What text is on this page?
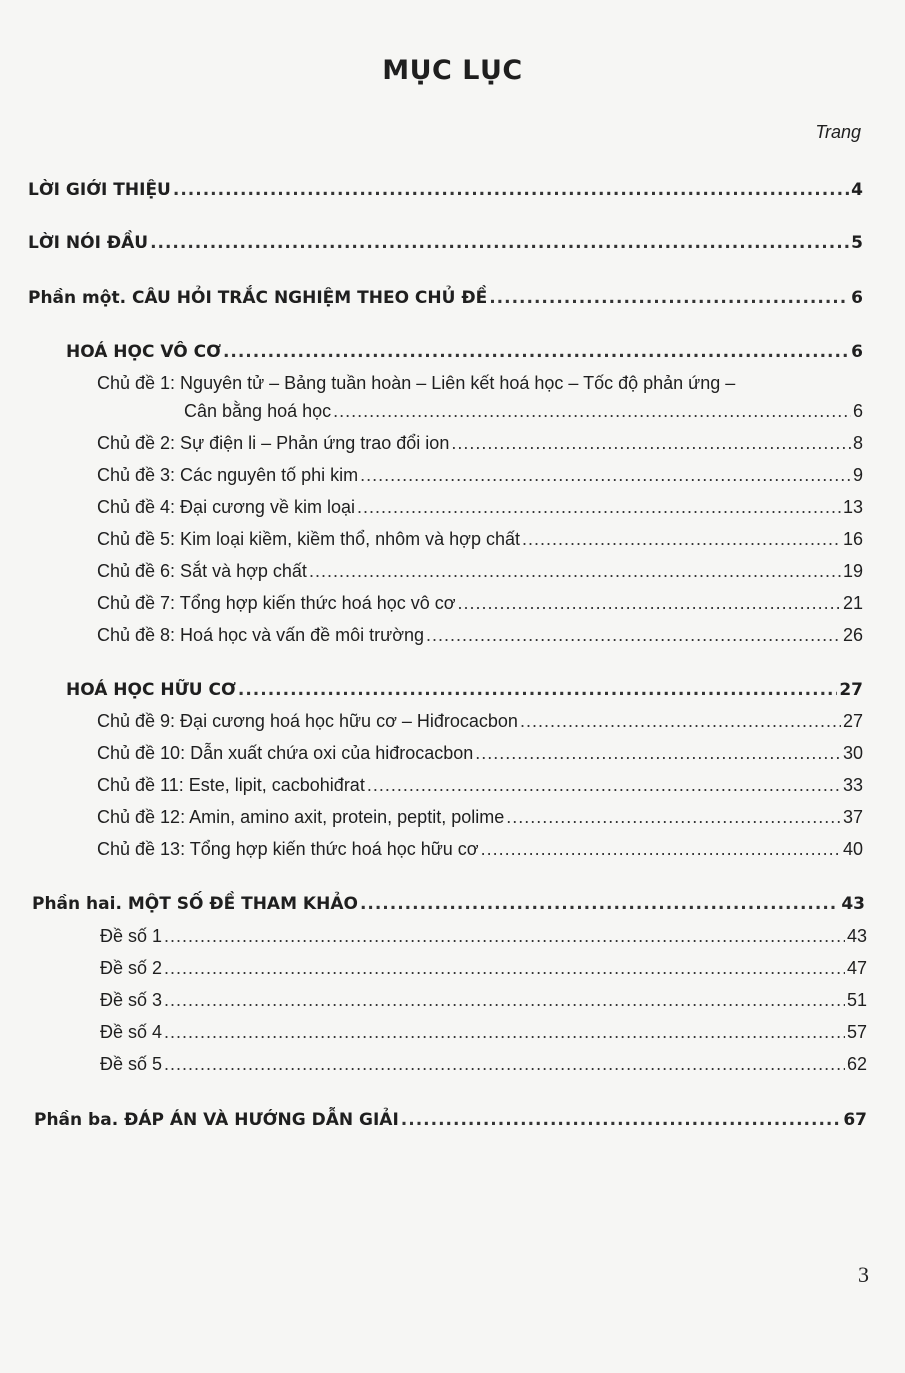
MỤC LỤC
Trang
LỜI GIỚI THIỆU .....	4
LỜI NÓI ĐẦU .....	5
Phần một. CÂU HỎI TRẮC NGHIỆM THEO CHỦ ĐỀ .....	6
HOÁ HỌC VÔ CƠ .....	6
Chủ đề 1: Nguyên tử – Bảng tuần hoàn – Liên kết hoá học – Tốc độ phản ứng –
Cân bằng hoá học .....	6
Chủ đề 2: Sự điện li – Phản ứng trao đổi ion .....	8
Chủ đề 3: Các nguyên tố phi kim .....	9
Chủ đề 4: Đại cương về kim loại .....	13
Chủ đề 5: Kim loại kiềm, kiềm thổ, nhôm và hợp chất .....	16
Chủ đề 6: Sắt và hợp chất .....	19
Chủ đề 7: Tổng hợp kiến thức hoá học vô cơ .....	21
Chủ đề 8: Hoá học và vấn đề môi trường .....	26
HOÁ HỌC HỮU CƠ .....	27
Chủ đề 9: Đại cương hoá học hữu cơ – Hiđrocacbon .....	27
Chủ đề 10: Dẫn xuất chứa oxi của hiđrocacbon .....	30
Chủ đề 11: Este, lipit, cacbohiđrat .....	33
Chủ đề 12: Amin, amino axit, protein, peptit, polime .....	37
Chủ đề 13: Tổng hợp kiến thức hoá học hữu cơ .....	40
Phần hai. MỘT SỐ ĐỀ THAM KHẢO .....	43
Đề số 1 .....	43
Đề số 2 .....	47
Đề số 3 .....	51
Đề số 4 .....	57
Đề số 5 .....	62
Phần ba. ĐÁP ÁN VÀ HƯỚNG DẪN GIẢI .....	67
3
